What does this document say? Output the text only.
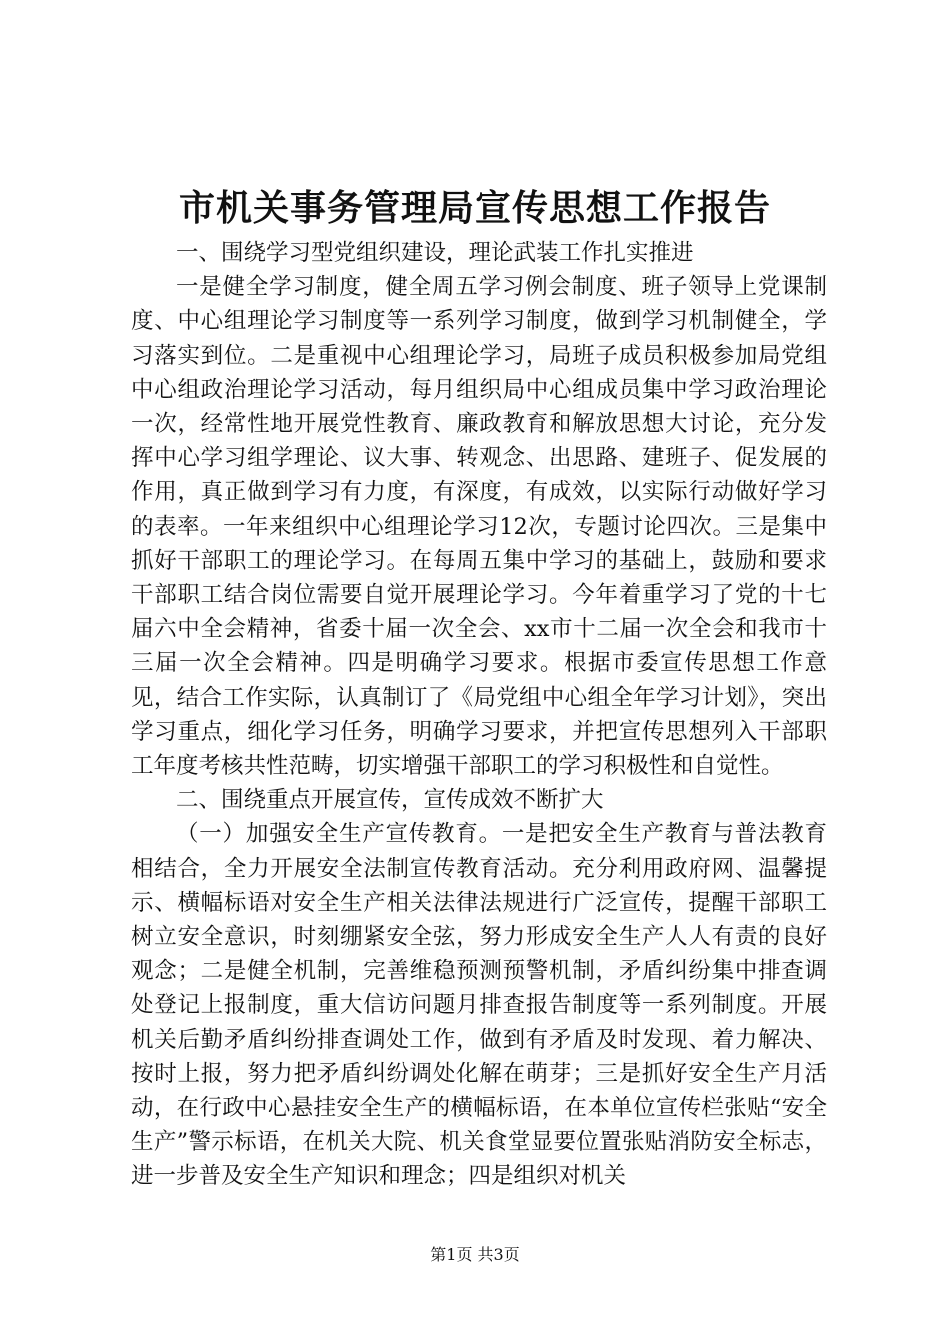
市机关事务管理局宣传思想工作报告

一、围绕学习型党组织建设，理论武装工作扎实推进

一是健全学习制度，健全周五学习例会制度、班子领导上党课制度、中心组理论学习制度等一系列学习制度，做到学习机制健全，学习落实到位。二是重视中心组理论学习，局班子成员积极参加局党组中心组政治理论学习活动，每月组织局中心组成员集中学习政治理论一次，经常性地开展党性教育、廉政教育和解放思想大讨论，充分发挥中心学习组学理论、议大事、转观念、出思路、建班子、促发展的作用，真正做到学习有力度，有深度，有成效，以实际行动做好学习的表率。一年来组织中心组理论学习12次，专题讨论四次。三是集中抓好干部职工的理论学习。在每周五集中学习的基础上，鼓励和要求干部职工结合岗位需要自觉开展理论学习。今年着重学习了党的十七届六中全会精神，省委十届一次全会、xx市十二届一次全会和我市十三届一次全会精神。四是明确学习要求。根据市委宣传思想工作意见，结合工作实际，认真制订了《局党组中心组全年学习计划》，突出学习重点，细化学习任务，明确学习要求，并把宣传思想列入干部职工年度考核共性范畴，切实增强干部职工的学习积极性和自觉性。

二、围绕重点开展宣传，宣传成效不断扩大

（一）加强安全生产宣传教育。一是把安全生产教育与普法教育相结合，全力开展安全法制宣传教育活动。充分利用政府网、温馨提示、横幅标语对安全生产相关法律法规进行广泛宣传，提醒干部职工树立安全意识，时刻绷紧安全弦，努力形成安全生产人人有责的良好观念；二是健全机制，完善维稳预测预警机制，矛盾纠纷集中排查调处登记上报制度，重大信访问题月排查报告制度等一系列制度。开展机关后勤矛盾纠纷排查调处工作，做到有矛盾及时发现、着力解决、按时上报，努力把矛盾纠纷调处化解在萌芽；三是抓好安全生产月活动，在行政中心悬挂安全生产的横幅标语，在本单位宣传栏张贴“安全生产”警示标语，在机关大院、机关食堂显要位置张贴消防安全标志，进一步普及安全生产知识和理念；四是组织对机关

第1页 共3页
